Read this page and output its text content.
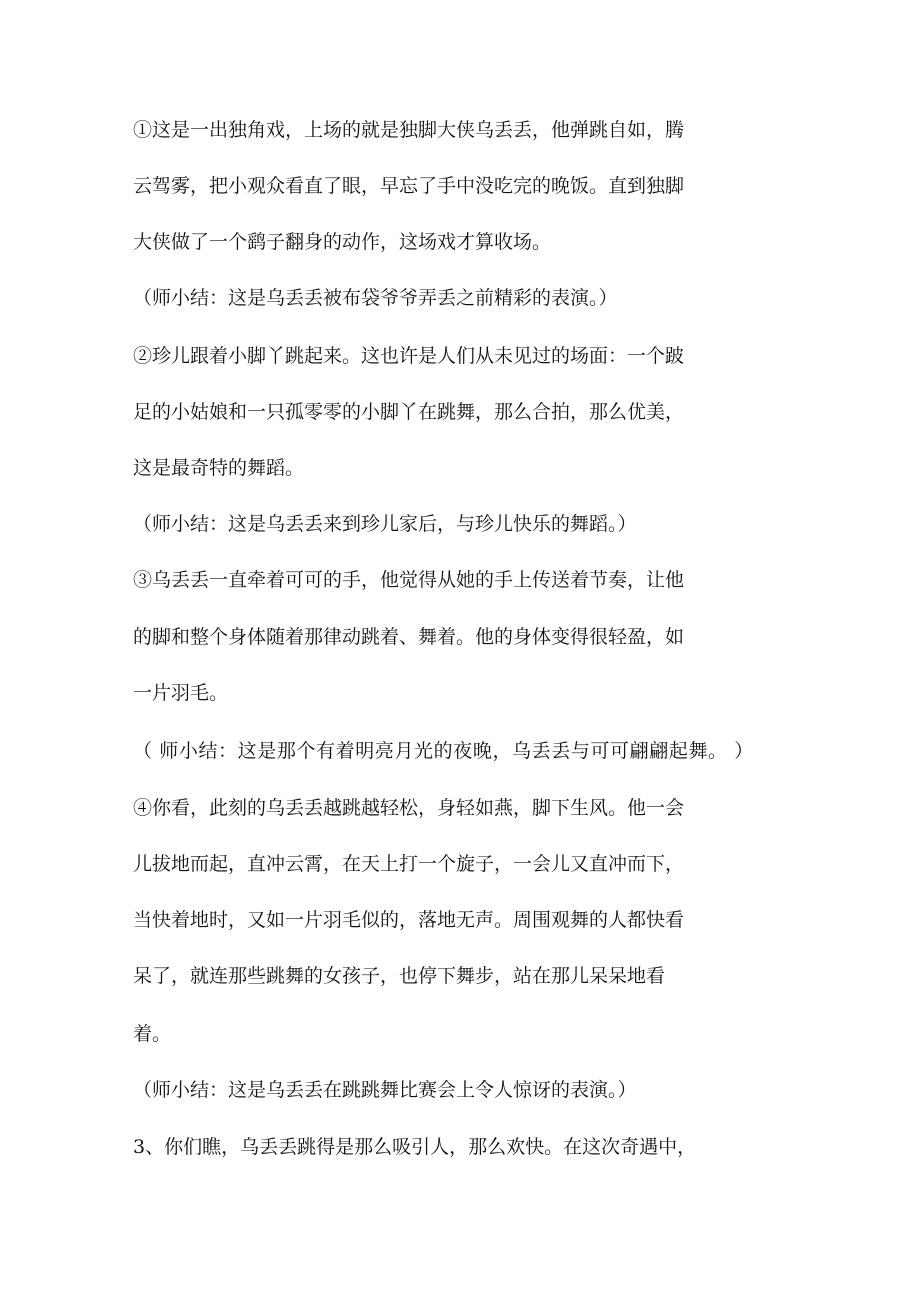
①这是一出独角戏，上场的就是独脚大侠乌丢丢，他弹跳自如，腾
云驾雾，把小观众看直了眼，早忘了手中没吃完的晚饭。直到独脚
大侠做了一个鹞子翻身的动作，这场戏才算收场。
（师小结：这是乌丢丢被布袋爷爷弄丢之前精彩的表演。）
②珍儿跟着小脚丫跳起来。这也许是人们从未见过的场面：一个跛
足的小姑娘和一只孤零零的小脚丫在跳舞，那么合拍，那么优美，
这是最奇特的舞蹈。
（师小结：这是乌丢丢来到珍儿家后，与珍儿快乐的舞蹈。）
③乌丢丢一直牵着可可的手，他觉得从她的手上传送着节奏，让他
的脚和整个身体随着那律动跳着、舞着。他的身体变得很轻盈，如
一片羽毛。
（ 师小结：这是那个有着明亮月光的夜晚，乌丢丢与可可翩翩起舞。 ）
④你看，此刻的乌丢丢越跳越轻松，身轻如燕，脚下生风。他一会
儿拔地而起，直冲云霄，在天上打一个旋子，一会儿又直冲而下，
当快着地时，又如一片羽毛似的，落地无声。周围观舞的人都快看
呆了，就连那些跳舞的女孩子，也停下舞步，站在那儿呆呆地看
着。
（师小结：这是乌丢丢在跳跳舞比赛会上令人惊讶的表演。）
3、你们瞧，乌丢丢跳得是那么吸引人，那么欢快。在这次奇遇中，
